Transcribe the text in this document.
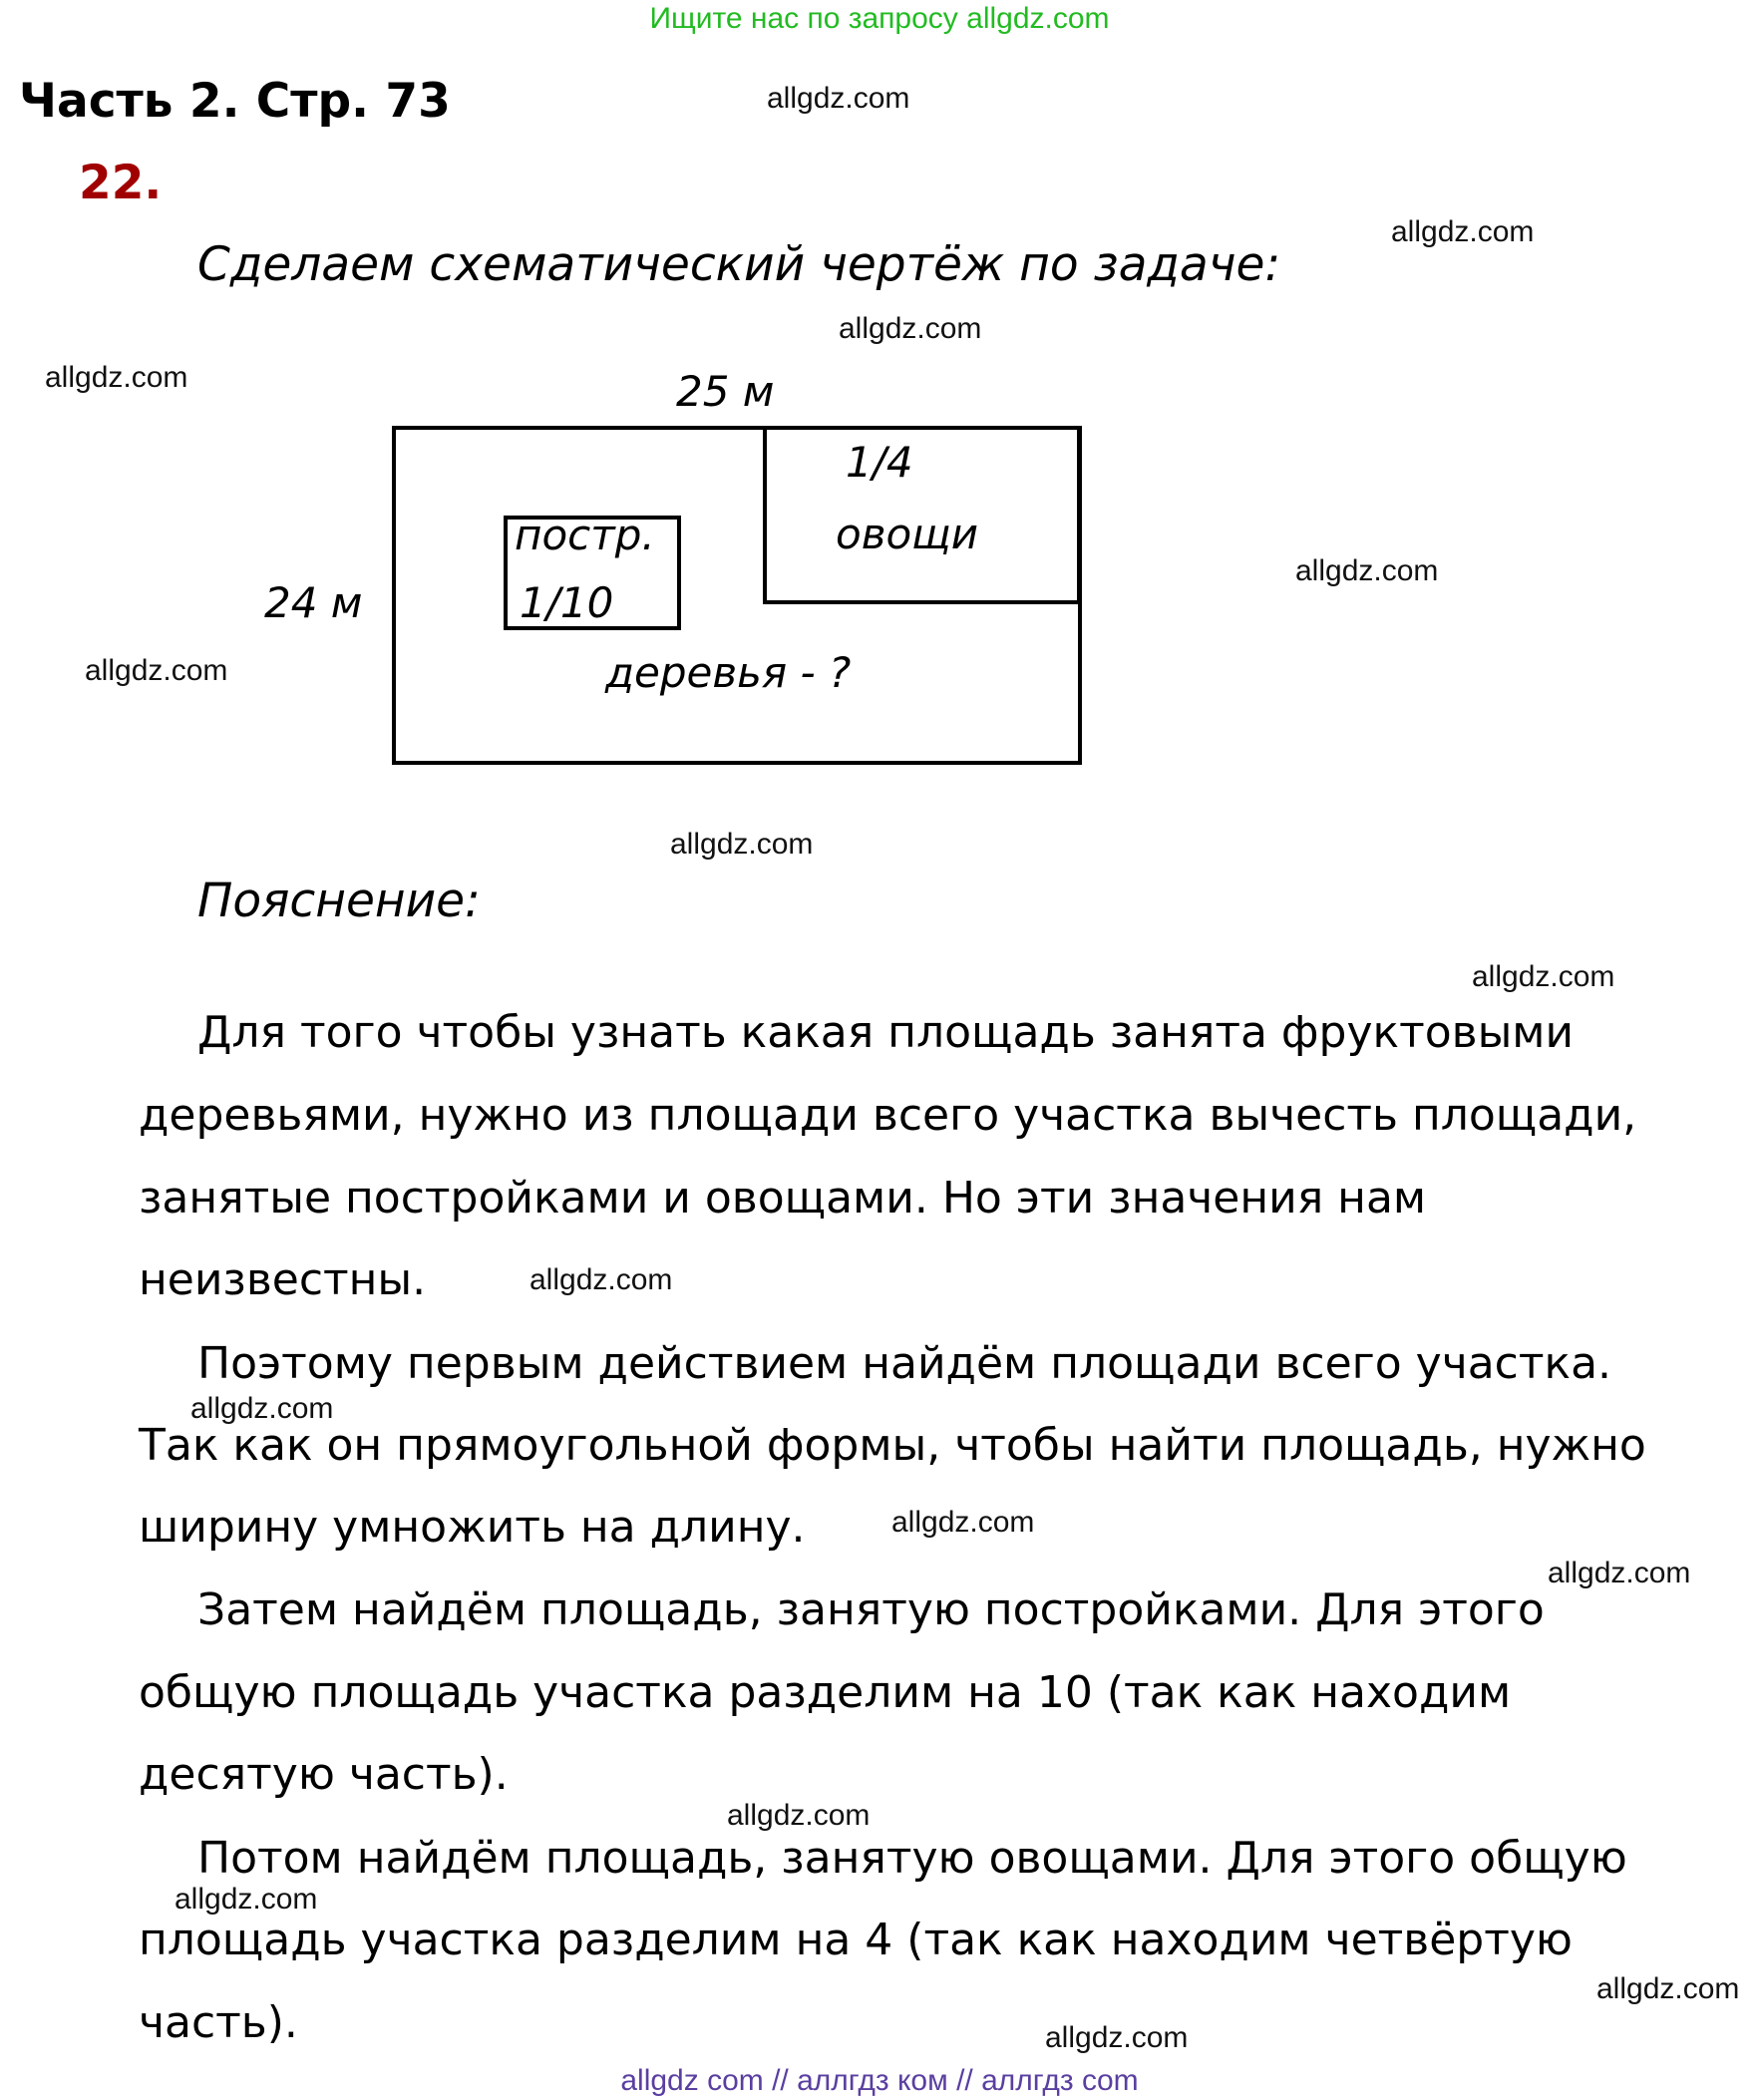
Ищите нас по запросу allgdz.com
Часть 2. Стр. 73
22.
Сделаем схематический чертёж по задаче:
25 м
24 м
1/4
овощи
постр.
1/10
деревья - ?
Пояснение:
Для того чтобы узнать какая площадь занята фруктовыми
деревьями, нужно из площади всего участка вычесть площади,
занятые постройками и овощами. Но эти значения нам
неизвестны.
Поэтому первым действием найдём площади всего участка.
Так как он прямоугольной формы, чтобы найти площадь, нужно
ширину умножить на длину.
Затем найдём площадь, занятую постройками. Для этого
общую площадь участка разделим на 10 (так как находим
десятую часть).
Потом найдём площадь, занятую овощами. Для этого общую
площадь участка разделим на 4 (так как находим четвёртую
часть).
allgdz.com
allgdz.com
allgdz.com
allgdz.com
allgdz.com
allgdz.com
allgdz.com
allgdz.com
allgdz.com
allgdz.com
allgdz.com
allgdz.com
allgdz.com
allgdz.com
allgdz.com
allgdz.com
allgdz com // аллгдз ком // аллгдз com
